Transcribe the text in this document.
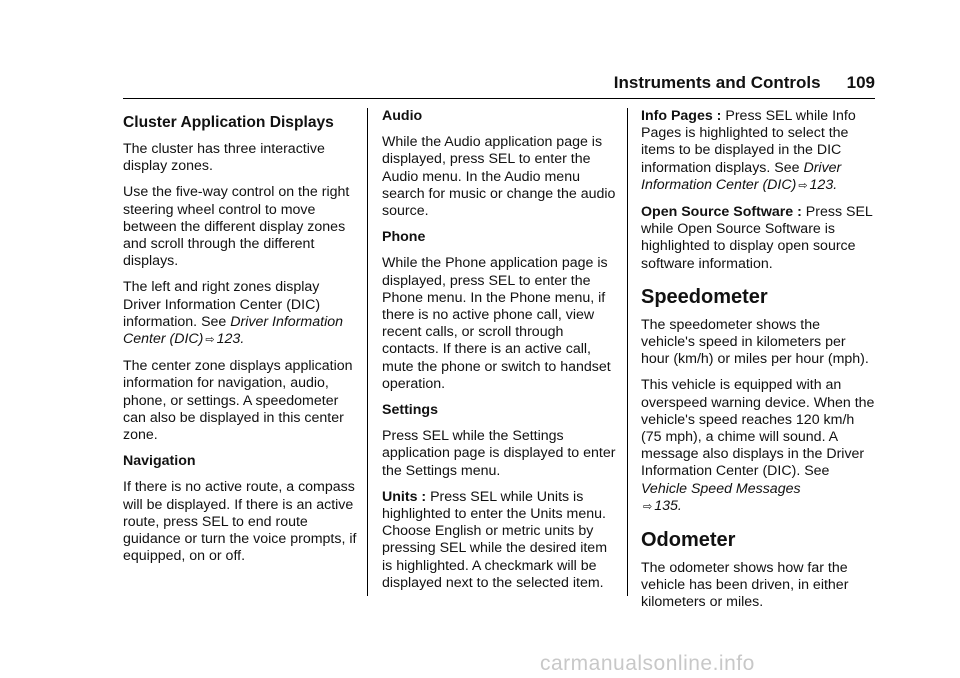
Instruments and Controls 109
Cluster Application Displays

The cluster has three interactive display zones.

Use the five-way control on the right steering wheel control to move between the different display zones and scroll through the different displays.

The left and right zones display Driver Information Center (DIC) information. See Driver Information Center (DIC) ⇨ 123.

The center zone displays application information for navigation, audio, phone, or settings. A speedometer can also be displayed in this center zone.

Navigation

If there is no active route, a compass will be displayed. If there is an active route, press SEL to end route guidance or turn the voice prompts, if equipped, on or off.

Audio

While the Audio application page is displayed, press SEL to enter the Audio menu. In the Audio menu search for music or change the audio source.

Phone

While the Phone application page is displayed, press SEL to enter the Phone menu. In the Phone menu, if there is no active phone call, view recent calls, or scroll through contacts. If there is an active call, mute the phone or switch to handset operation.

Settings

Press SEL while the Settings application page is displayed to enter the Settings menu.

Units : Press SEL while Units is highlighted to enter the Units menu. Choose English or metric units by pressing SEL while the desired item is highlighted. A checkmark will be displayed next to the selected item.

Info Pages : Press SEL while Info Pages is highlighted to select the items to be displayed in the DIC information displays. See Driver Information Center (DIC) ⇨ 123.

Open Source Software : Press SEL while Open Source Software is highlighted to display open source software information.

Speedometer

The speedometer shows the vehicle's speed in kilometers per hour (km/h) or miles per hour (mph).

This vehicle is equipped with an overspeed warning device. When the vehicle's speed reaches 120 km/h (75 mph), a chime will sound. A message also displays in the Driver Information Center (DIC). See Vehicle Speed Messages
⇨ 135.

Odometer

The odometer shows how far the vehicle has been driven, in either kilometers or miles.

carmanualsonline.info
